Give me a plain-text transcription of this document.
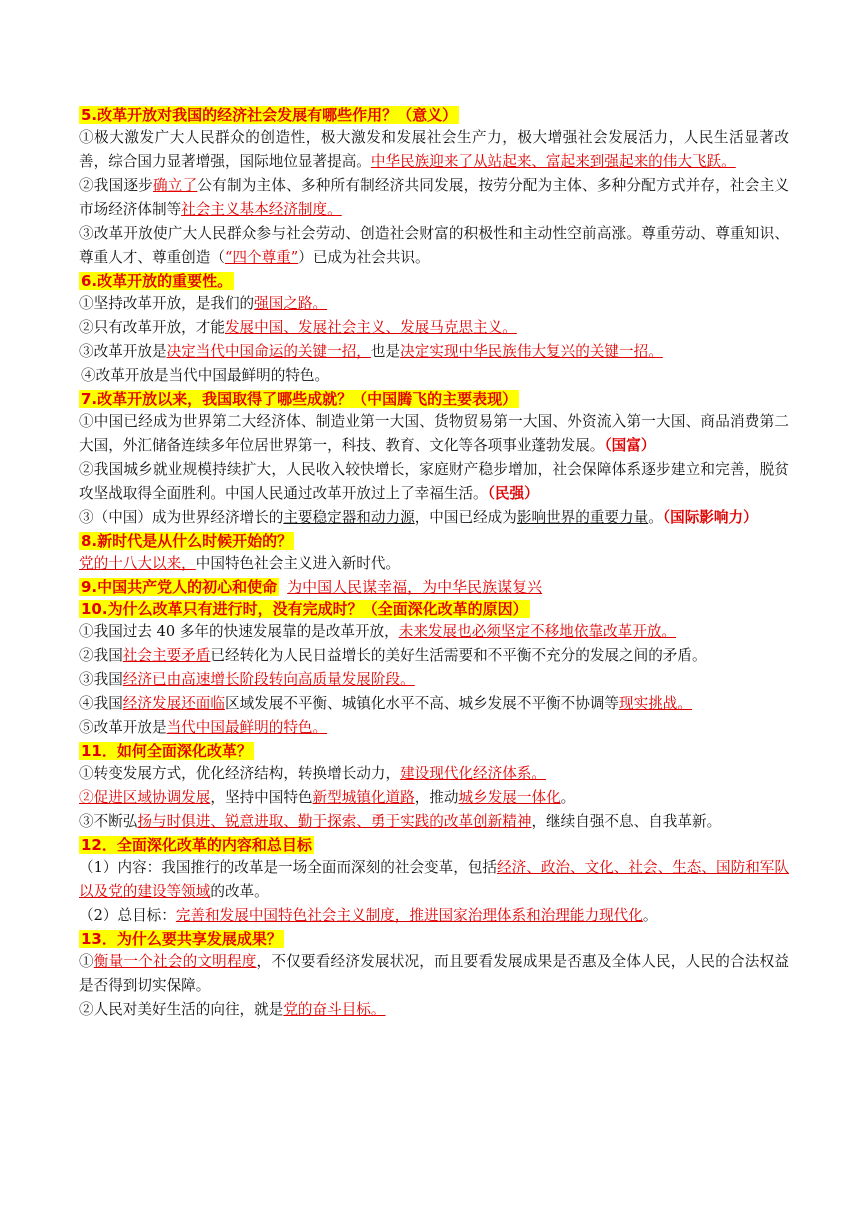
5.改革开放对我国的经济社会发展有哪些作用？（意义）

①极大激发广大人民群众的创造性，极大激发和发展社会生产力，极大增强社会发展活力，人民生活显著改善，综合国力显著增强，国际地位显著提高。中华民族迎来了从站起来、富起来到强起来的伟大飞跃。

②我国逐步确立了公有制为主体、多种所有制经济共同发展，按劳分配为主体、多种分配方式并存，社会主义市场经济体制等社会主义基本经济制度。

③改革开放使广大人民群众参与社会劳动、创造社会财富的积极性和主动性空前高涨。尊重劳动、尊重知识、尊重人才、尊重创造（“四个尊重”）已成为社会共识。

6.改革开放的重要性。

①坚持改革开放，是我们的强国之路。

②只有改革开放，才能发展中国、发展社会主义、发展马克思主义。

③改革开放是决定当代中国命运的关键一招，也是决定实现中华民族伟大复兴的关键一招。

④改革开放是当代中国最鲜明的特色。

7.改革开放以来，我国取得了哪些成就？（中国腾飞的主要表现）

①中国已经成为世界第二大经济体、制造业第一大国、货物贸易第一大国、外资流入第一大国、商品消费第二大国，外汇储备连续多年位居世界第一，科技、教育、文化等各项事业蓬勃发展。（国富）

②我国城乡就业规模持续扩大，人民收入较快增长，家庭财产稳步增加，社会保障体系逐步建立和完善，脱贫攻坚战取得全面胜利。中国人民通过改革开放过上了幸福生活。（民强）

③（中国）成为世界经济增长的主要稳定器和动力源，中国已经成为影响世界的重要力量。（国际影响力）

8.新时代是从什么时候开始的？

党的十八大以来，中国特色社会主义进入新时代。

9.中国共产党人的初心和使命 为中国人民谋幸福，为中华民族谋复兴
10.为什么改革只有进行时，没有完成时？（全面深化改革的原因）

①我国过去 40 多年的快速发展靠的是改革开放，未来发展也必须坚定不移地依靠改革开放。

②我国社会主要矛盾已经转化为人民日益增长的美好生活需要和不平衡不充分的发展之间的矛盾。

③我国经济已由高速增长阶段转向高质量发展阶段。

④我国经济发展还面临区域发展不平衡、城镇化水平不高、城乡发展不平衡不协调等现实挑战。

⑤改革开放是当代中国最鲜明的特色。

11．如何全面深化改革？

①转变发展方式，优化经济结构，转换增长动力，建设现代化经济体系。

②促进区域协调发展，坚持中国特色新型城镇化道路，推动城乡发展一体化。

③不断弘扬与时俱进、锐意进取、勤于探索、勇于实践的改革创新精神，继续自强不息、自我革新。

12．全面深化改革的内容和总目标

（1）内容：我国推行的改革是一场全面而深刻的社会变革，包括经济、政治、文化、社会、生态、国防和军队以及党的建设等领域的改革。

（2）总目标：完善和发展中国特色社会主义制度，推进国家治理体系和治理能力现代化。

13．为什么要共享发展成果？

①衡量一个社会的文明程度，不仅要看经济发展状况，而且要看发展成果是否惠及全体人民，人民的合法权益是否得到切实保障。

②人民对美好生活的向往，就是党的奋斗目标。
